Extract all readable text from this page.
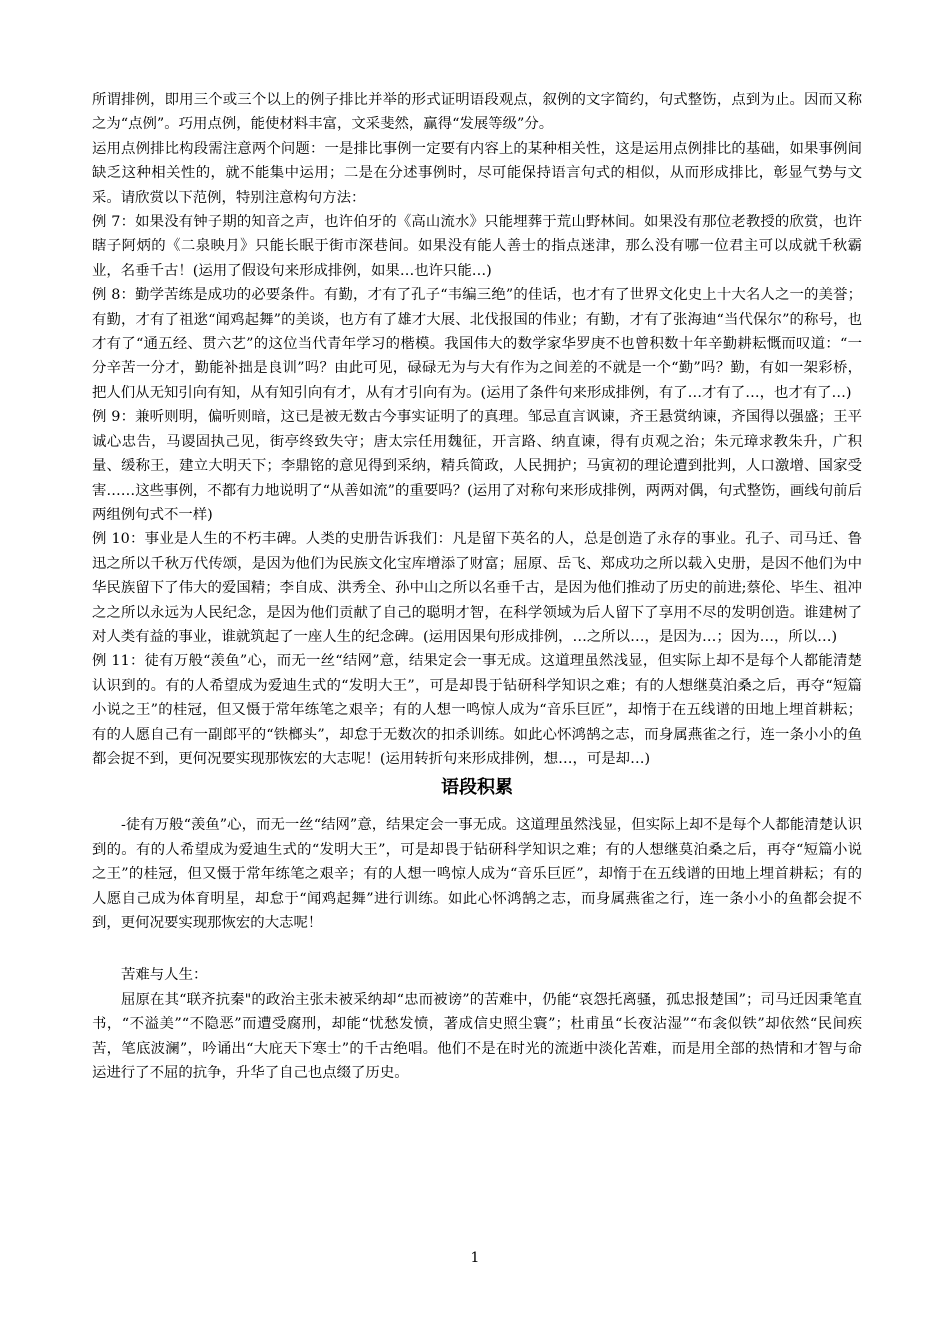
所谓排例，即用三个或三个以上的例子排比并举的形式证明语段观点，叙例的文字简约，句式整饬，点到为止。因而又称之为“点例”。巧用点例，能使材料丰富，文采斐然，赢得“发展等级”分。

运用点例排比构段需注意两个问题：一是排比事例一定要有内容上的某种相关性，这是运用点例排比的基础，如果事例间缺乏这种相关性的，就不能集中运用；二是在分述事例时，尽可能保持语言句式的相似，从而形成排比，彰显气势与文采。请欣赏以下范例，特别注意构句方法：

例 7：如果没有钟子期的知音之声，也许伯牙的《高山流水》只能埋葬于荒山野林间。如果没有那位老教授的欣赏，也许瞎子阿炳的《二泉映月》只能长眠于街市深巷间。如果没有能人善士的指点迷津，那么没有哪一位君主可以成就千秋霸业，名垂千古！(运用了假设句来形成排例，如果…也许只能…)

例 8：勤学苦练是成功的必要条件。有勤，才有了孔子“韦编三绝”的佳话，也才有了世界文化史上十大名人之一的美誉；有勤，才有了祖逖“闻鸡起舞”的美谈，也方有了雄才大展、北伐报国的伟业；有勤，才有了张海迪“当代保尔”的称号，也才有了“通五经、贯六艺”的这位当代青年学习的楷模。我国伟大的数学家华罗庚不也曾积数十年辛勤耕耘慨而叹道：“一分辛苦一分才，勤能补拙是良训”吗？由此可见，碌碌无为与大有作为之间差的不就是一个“勤”吗？勤，有如一架彩桥，把人们从无知引向有知，从有知引向有才，从有才引向有为。(运用了条件句来形成排例，有了…才有了…，也才有了…)

例 9：兼听则明，偏听则暗，这已是被无数古今事实证明了的真理。邹忌直言讽谏，齐王悬赏纳谏，齐国得以强盛；王平诚心忠告，马谡固执己见，街亭终致失守；唐太宗任用魏征，开言路、纳直谏，得有贞观之治；朱元璋求教朱升，广积量、缓称王，建立大明天下；李鼎铭的意见得到采纳，精兵简政，人民拥护；马寅初的理论遭到批判，人口激增、国家受害……这些事例，不都有力地说明了“从善如流”的重要吗？(运用了对称句来形成排例，两两对偶，句式整饬，画线句前后两组例句式不一样)

例 10：事业是人生的不朽丰碑。人类的史册告诉我们：凡是留下英名的人，总是创造了永存的事业。孔子、司马迁、鲁迅之所以千秋万代传颂，是因为他们为民族文化宝库增添了财富；屈原、岳飞、郑成功之所以载入史册，是因不他们为中华民族留下了伟大的爱国精；李自成、洪秀全、孙中山之所以名垂千古，是因为他们推动了历史的前进;蔡伦、毕生、祖冲之之所以永远为人民纪念，是因为他们贡献了自己的聪明才智，在科学领域为后人留下了享用不尽的发明创造。谁建树了对人类有益的事业，谁就筑起了一座人生的纪念碑。(运用因果句形成排例，…之所以…，是因为…；因为…，所以…)

例 11：徒有万般“羡鱼”心，而无一丝“结网”意，结果定会一事无成。这道理虽然浅显，但实际上却不是每个人都能清楚认识到的。有的人希望成为爱迪生式的“发明大王”，可是却畏于钻研科学知识之难；有的人想继莫泊桑之后，再夺“短篇小说之王”的桂冠，但又慑于常年练笔之艰辛；有的人想一鸣惊人成为“音乐巨匠”，却惰于在五线谱的田地上埋首耕耘；有的人愿自己有一副郎平的“铁榔头”，却怠于无数次的扣杀训练。如此心怀鸿鹄之志，而身属燕雀之行，连一条小小的鱼都会捉不到，更何况要实现那恢宏的大志呢！(运用转折句来形成排例，想…，可是却…)

语段积累

-徒有万般“羡鱼”心，而无一丝“结网”意，结果定会一事无成。这道理虽然浅显，但实际上却不是每个人都能清楚认识到的。有的人希望成为爱迪生式的“发明大王”，可是却畏于钻研科学知识之难；有的人想继莫泊桑之后，再夺“短篇小说之王”的桂冠，但又慑于常年练笔之艰辛；有的人想一鸣惊人成为“音乐巨匠”，却惰于在五线谱的田地上埋首耕耘；有的人愿自己成为体育明星，却怠于“闻鸡起舞”进行训练。如此心怀鸿鹄之志，而身属燕雀之行，连一条小小的鱼都会捉不到，更何况要实现那恢宏的大志呢！

苦难与人生：

屈原在其“联齐抗秦"的政治主张未被采纳却“忠而被谤”的苦难中，仍能“哀怨托离骚，孤忠报楚国”；司马迁因秉笔直书，“不溢美”“不隐恶”而遭受腐刑，却能“忧愁发愤，著成信史照尘寰”；杜甫虽“长夜沾湿”“布衾似铁”却依然“民间疾苦，笔底波澜”，吟诵出“大庇天下寒士”的千古绝唱。他们不是在时光的流逝中淡化苦难，而是用全部的热情和才智与命运进行了不屈的抗争，升华了自己也点缀了历史。

1
